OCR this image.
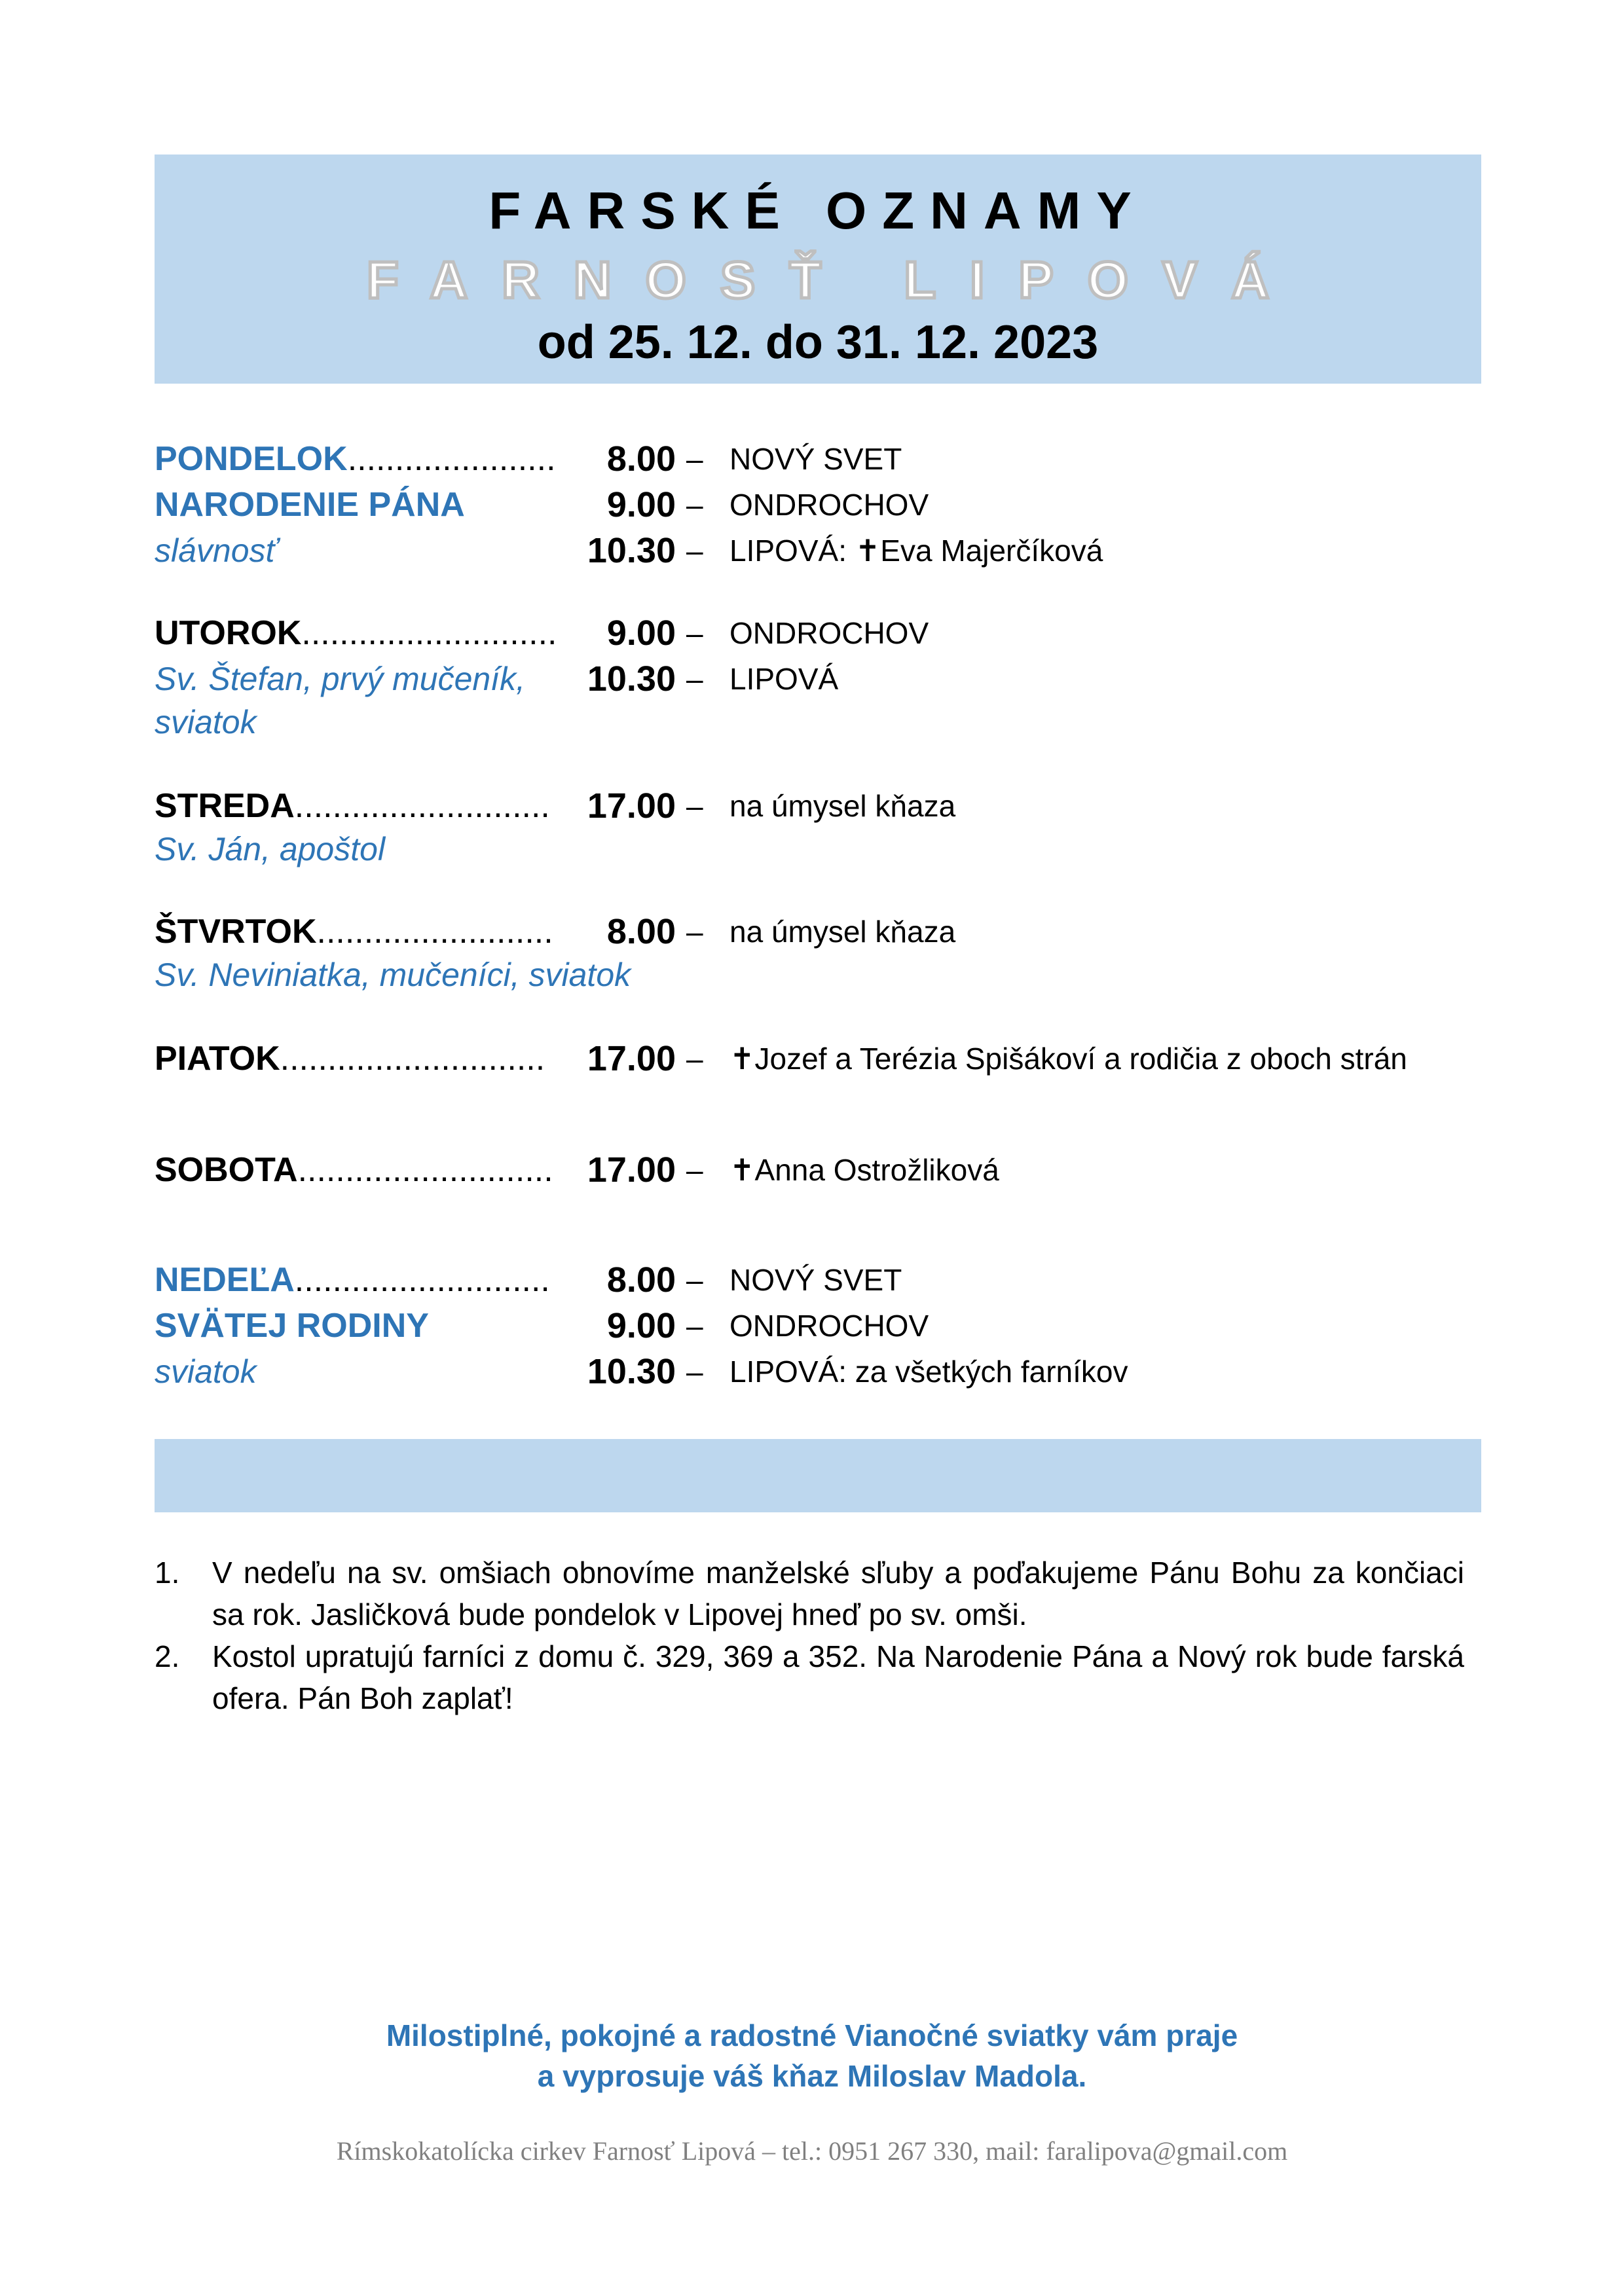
FARSKÉ OZNAMY
FARNOSŤ LIPOVÁ
od 25. 12. do 31. 12. 2023
PONDELOK......................	8.00 – NOVÝ SVET
NARODENIE PÁNA	9.00 – ONDROCHOV
slávnosť	10.30 – LIPOVÁ: ✝Eva Majerčíková
UTOROK...........................	9.00 – ONDROCHOV
Sv. Štefan, prvý mučeník,	10.30 – LIPOVÁ
sviatok
STREDA...........................	17.00 – na úmysel kňaza
Sv. Ján, apoštol
ŠTVRTOK.........................	8.00 – na úmysel kňaza
Sv. Neviniatka, mučeníci, sviatok
PIATOK............................	17.00 – ✝Jozef a Terézia Spišákoví a rodičia z oboch strán
SOBOTA........................... 17.00 – ✝Anna Ostrožliková
NEDEĽA...........................	8.00 – NOVÝ SVET
SVÄTEJ RODINY	9.00 – ONDROCHOV
sviatok	10.30 – LIPOVÁ: za všetkých farníkov
1.	V nedeľu na sv. omšiach obnovíme manželské sľuby a poďakujeme Pánu Bohu za končiaci sa rok. Jasličková bude pondelok v Lipovej hneď po sv. omši.
2.	Kostol upratujú farníci z domu č. 329, 369 a 352. Na Narodenie Pána a Nový rok bude farská ofera. Pán Boh zaplať!
Milostiplné, pokojné a radostné Vianočné sviatky vám praje
a vyprosuje váš kňaz Miloslav Madola.
Rímskokatolícka cirkev Farnosť Lipová – tel.: 0951 267 330, mail: faralipova@gmail.com
